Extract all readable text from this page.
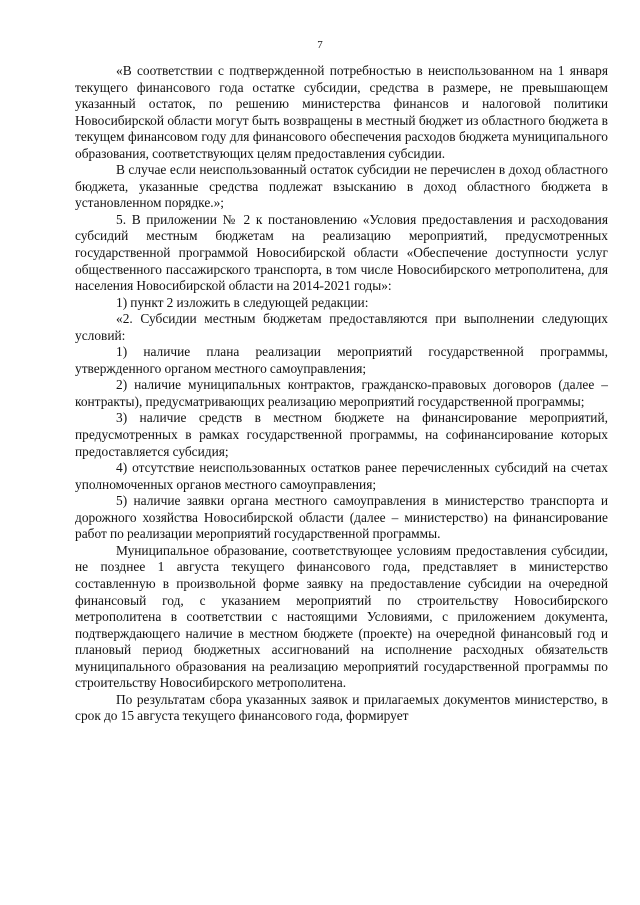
7

«В соответствии с подтвержденной потребностью в неиспользованном на 1 января текущего финансового года остатке субсидии, средства в размере, не превышающем указанный остаток, по решению министерства финансов и налоговой политики Новосибирской области могут быть возвращены в местный бюджет из областного бюджета в текущем финансовом году для финансового обеспечения расходов бюджета муниципального образования, соответствующих целям предоставления субсидии.

В случае если неиспользованный остаток субсидии не перечислен в доход областного бюджета, указанные средства подлежат взысканию в доход областного бюджета в установленном порядке.»;

5. В приложении № 2 к постановлению «Условия предоставления и расходования субсидий местным бюджетам на реализацию мероприятий, предусмотренных государственной программой Новосибирской области «Обеспечение доступности услуг общественного пассажирского транспорта, в том числе Новосибирского метрополитена, для населения Новосибирской области на 2014-2021 годы»:

1) пункт 2 изложить в следующей редакции:

«2. Субсидии местным бюджетам предоставляются при выполнении следующих условий:

1) наличие плана реализации мероприятий государственной программы, утвержденного органом местного самоуправления;

2) наличие муниципальных контрактов, гражданско-правовых договоров (далее – контракты), предусматривающих реализацию мероприятий государственной программы;

3) наличие средств в местном бюджете на финансирование мероприятий, предусмотренных в рамках государственной программы, на софинансирование которых предоставляется субсидия;

4) отсутствие неиспользованных остатков ранее перечисленных субсидий на счетах уполномоченных органов местного самоуправления;

5) наличие заявки органа местного самоуправления в министерство транспорта и дорожного хозяйства Новосибирской области (далее – министерство) на финансирование работ по реализации мероприятий государственной программы.

Муниципальное образование, соответствующее условиям предоставления субсидии, не позднее 1 августа текущего финансового года, представляет в министерство составленную в произвольной форме заявку на предоставление субсидии на очередной финансовый год, с указанием мероприятий по строительству Новосибирского метрополитена в соответствии с настоящими Условиями, с приложением документа, подтверждающего наличие в местном бюджете (проекте) на очередной финансовый год и плановый период бюджетных ассигнований на исполнение расходных обязательств муниципального образования на реализацию мероприятий государственной программы по строительству Новосибирского метрополитена.

По результатам сбора указанных заявок и прилагаемых документов министерство, в срок до 15 августа текущего финансового года, формирует
